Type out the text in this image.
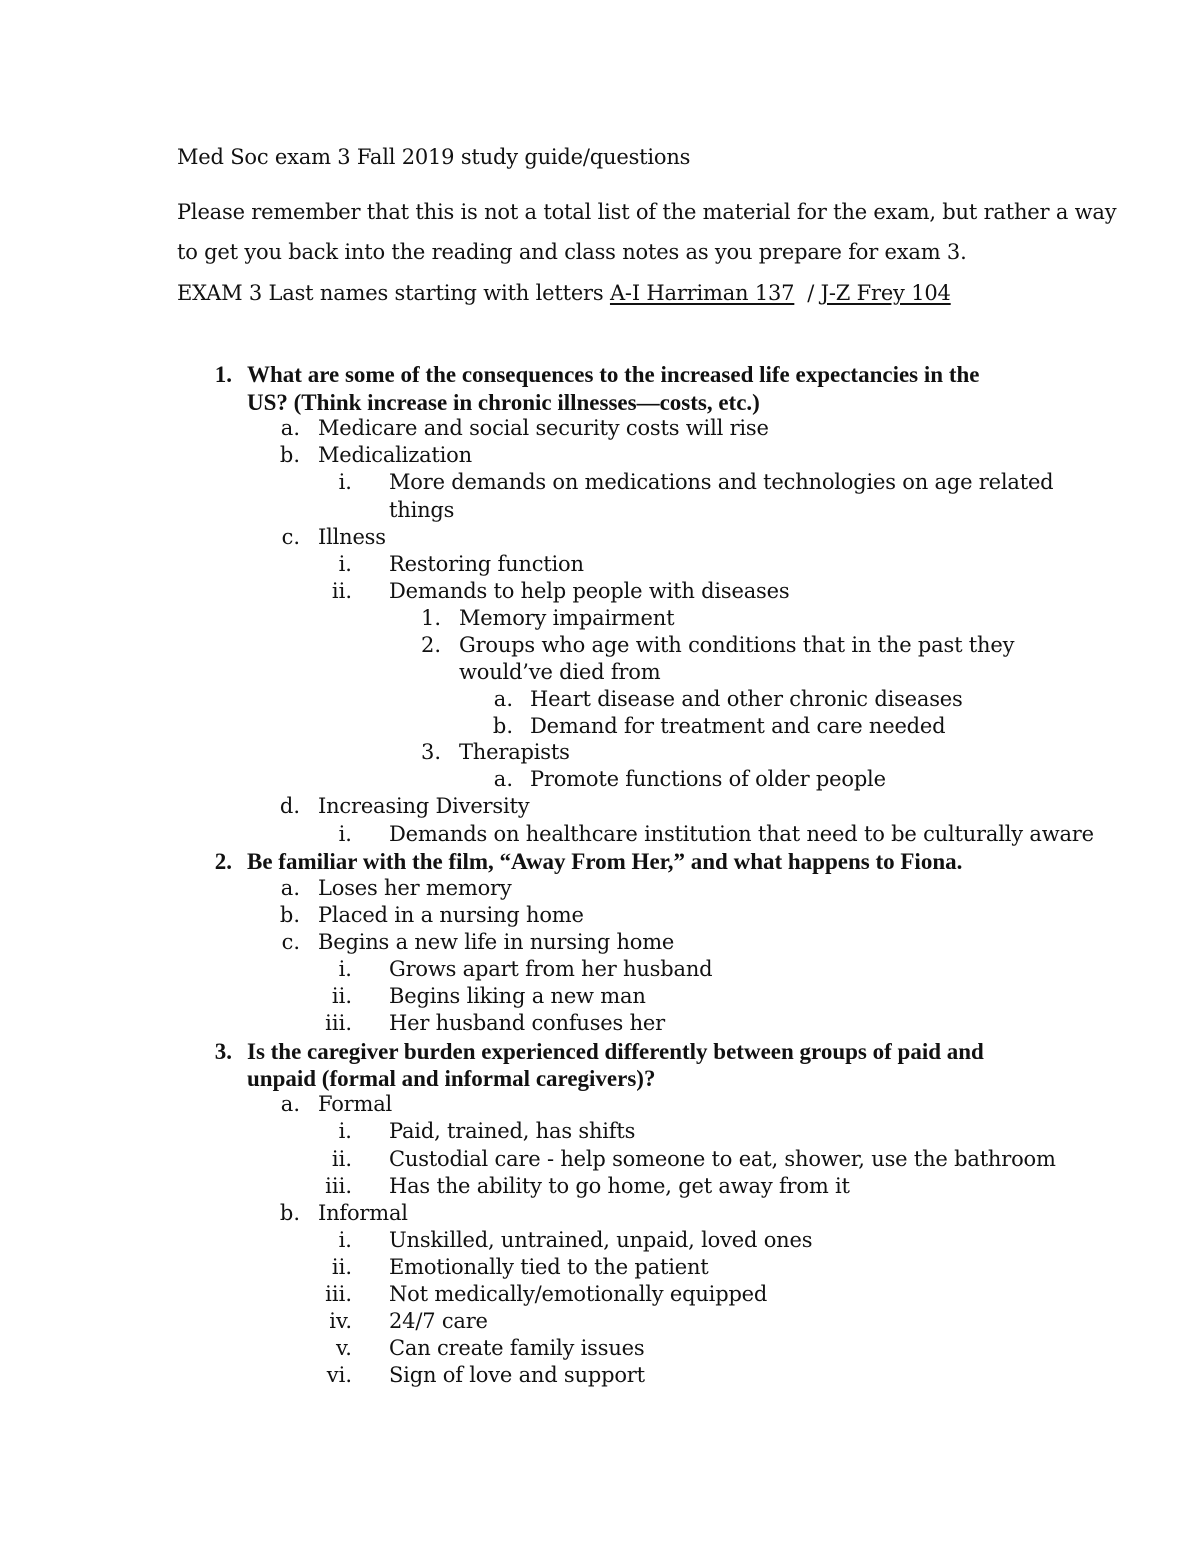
Med Soc exam 3 Fall 2019 study guide/questions
Please remember that this is not a total list of the material for the exam, but rather a way
to get you back into the reading and class notes as you prepare for exam 3.
EXAM 3 Last names starting with letters A-I Harriman 137  / J-Z Frey 104
1. What are some of the consequences to the increased life expectancies in the
US? (Think increase in chronic illnesses—costs, etc.)
a. Medicare and social security costs will rise
b. Medicalization
i. More demands on medications and technologies on age related
things
c. Illness
i. Restoring function
ii. Demands to help people with diseases
1. Memory impairment
2. Groups who age with conditions that in the past they
would’ve died from
a. Heart disease and other chronic diseases
b. Demand for treatment and care needed
3. Therapists
a. Promote functions of older people
d. Increasing Diversity
i. Demands on healthcare institution that need to be culturally aware
2. Be familiar with the film, “Away From Her,” and what happens to Fiona.
a. Loses her memory
b. Placed in a nursing home
c. Begins a new life in nursing home
i. Grows apart from her husband
ii. Begins liking a new man
iii. Her husband confuses her
3. Is the caregiver burden experienced differently between groups of paid and
unpaid (formal and informal caregivers)?
a. Formal
i. Paid, trained, has shifts
ii. Custodial care - help someone to eat, shower, use the bathroom
iii. Has the ability to go home, get away from it
b. Informal
i. Unskilled, untrained, unpaid, loved ones
ii. Emotionally tied to the patient
iii. Not medically/emotionally equipped
iv. 24/7 care
v. Can create family issues
vi. Sign of love and support
